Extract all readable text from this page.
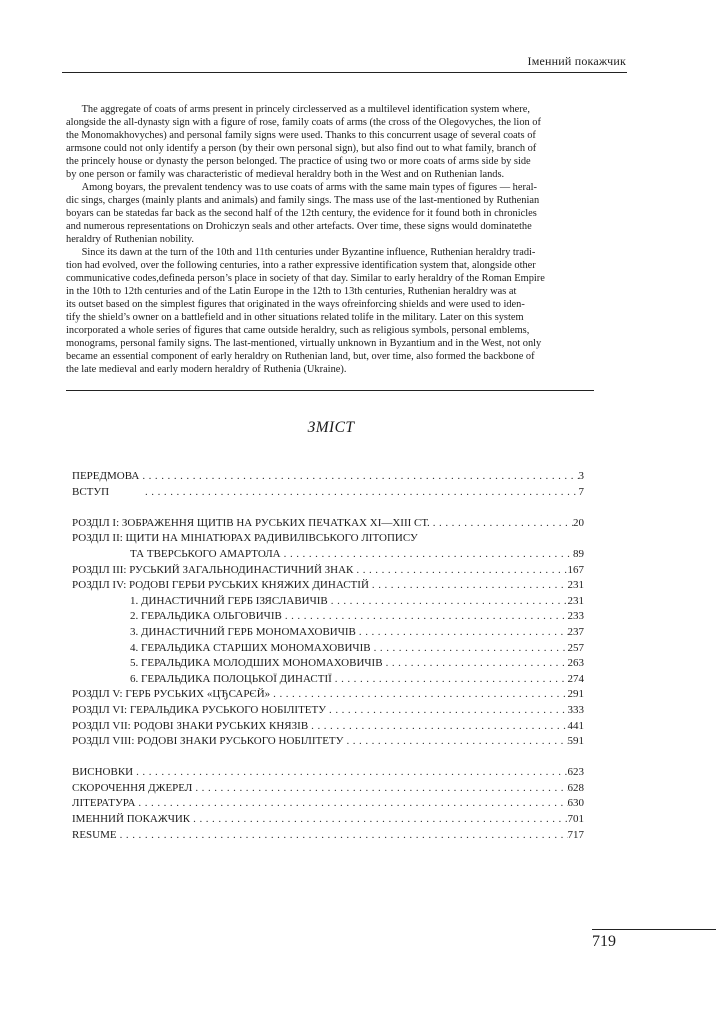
Іменний покажчик
  The aggregate of coats of arms present in princely circlesserved as a multilevel identification system where,
alongside the all-dynasty sign with a figure of rose, family coats of arms (the cross of the Olegovyches, the lion of
the Monomakhovyches) and personal family signs were used. Thanks to this concurrent usage of several coats of
armsone could not only identify a person (by their own personal sign), but also find out to what family, branch of
the princely house or dynasty the person belonged. The practice of using two or more coats of arms side by side
by one person or family was characteristic of medieval heraldry both in the West and on Ruthenian lands.
  Among boyars, the prevalent tendency was to use coats of arms with the same main types of figures — heral-
dic sings, charges (mainly plants and animals) and family sings. The mass use of the last-mentioned by Ruthenian
boyars can be statedas far back as the second half of the 12th century, the evidence for it found both in chronicles
and numerous representations on Drohiczyn seals and other artefacts. Over time, these signs would dominatethe
heraldry of Ruthenian nobility.
  Since its dawn at the turn of the 10th and 11th centuries under Byzantine influence, Ruthenian heraldry tradi-
tion had evolved, over the following centuries, into a rather expressive identification system that, alongside other
communicative codes,defineda person’s place in society of that day. Similar to early heraldry of the Roman Empire
in the 10th to 12th centuries and of the Latin Europe in the 12th to 13th centuries, Ruthenian heraldry was at
its outset based on the simplest figures that originated in the ways ofreinforcing shields and were used to iden-
tify the shield’s owner on a battlefield and in other situations related tolife in the military. Later on this system
incorporated a whole series of figures that came outside heraldry, such as religious symbols, personal emblems,
monograms, personal family signs. The last-mentioned, virtually unknown in Byzantium and in the West, not only
became an essential component of early heraldry on Ruthenian land, but, over time, also formed the backbone of
the late medieval and early modern heraldry of Ruthenia (Ukraine).
ЗМІСТ
ПЕРЕДМОВА . . .	3
ВСТУП . . .	7
РОЗДІЛ І: ЗОБРАЖЕННЯ ЩИТІВ НА РУСЬКИХ ПЕЧАТКАХ XI—XIII СТ. . . .	20
РОЗДІЛ ІІ: ЩИТИ НА МІНІАТЮРАХ РАДИВИЛІВСЬКОГО ЛІТОПИСУ
ТА ТВЕРСЬКОГО АМАРТОЛА . . .	89
РОЗДІЛ ІІІ: РУСЬКИЙ ЗАГАЛЬНОДИНАСТИЧНИЙ ЗНАК . . .	167
РОЗДІЛ IV: РОДОВІ ГЕРБИ РУСЬКИХ КНЯЖИХ ДИНАСТІЙ . . .	231
1. ДИНАСТИЧНИЙ ГЕРБ ІЗЯСЛАВИЧІВ . . .	231
2. ГЕРАЛЬДИКА ОЛЬГОВИЧІВ . . .	233
3. ДИНАСТИЧНИЙ ГЕРБ МОНОМАХОВИЧІВ . . .	237
4. ГЕРАЛЬДИКА СТАРШИХ МОНОМАХОВИЧІВ . . .	257
5. ГЕРАЛЬДИКА МОЛОДШИХ МОНОМАХОВИЧІВ . . .	263
6. ГЕРАЛЬДИКА ПОЛОЦЬКОЇ ДИНАСТІЇ . . .	274
РОЗДІЛ V: ГЕРБ РУСЬКИХ «ЦЂСАРЄЙ» . . .	291
РОЗДІЛ VI: ГЕРАЛЬДИКА РУСЬКОГО НОБІЛІТЕТУ . . .	333
РОЗДІЛ VII: РОДОВІ ЗНАКИ РУСЬКИХ КНЯЗІВ . . .	441
РОЗДІЛ VIII: РОДОВІ ЗНАКИ РУСЬКОГО НОБІЛІТЕТУ . . .	591
ВИСНОВКИ . . .	623
СКОРОЧЕННЯ ДЖЕРЕЛ . . .	628
ЛІТЕРАТУРА . . .	630
ІМЕННИЙ ПОКАЖЧИК . . .	701
RESUME . . .	717
719
